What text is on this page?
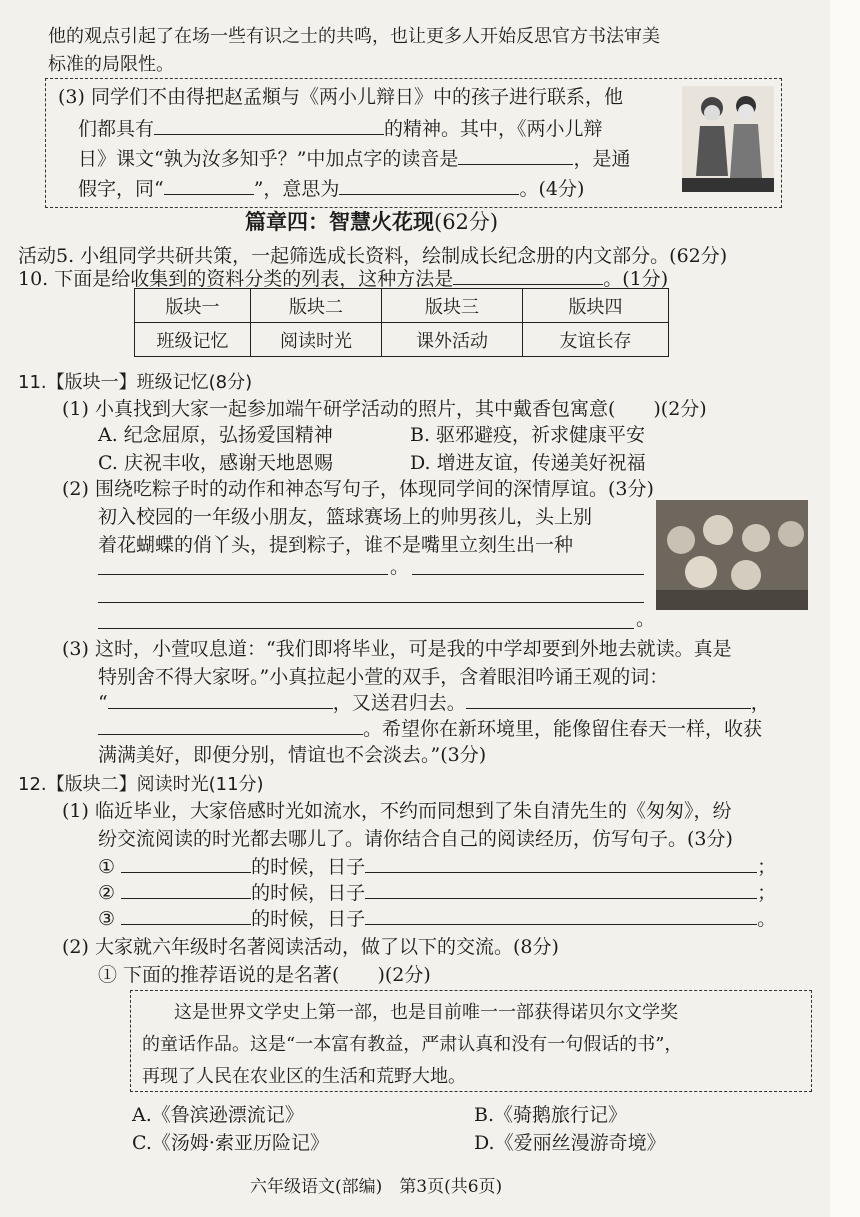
他的观点引起了在场一些有识之士的共鸣，也让更多人开始反思官方书法审美
标准的局限性。
(3) 同学们不由得把赵孟頫与《两小儿辩日》中的孩子进行联系，他
们都具有	的精神。其中，《两小儿辩
日》课文“孰为汝多知乎？”中加点字的读音是	，是通
假字，同“	”，意思为	。(4分)
篇章四：智慧火花现(62分)
活动5. 小组同学共研共策，一起筛选成长资料，绘制成长纪念册的内文部分。(62分)
10. 下面是给收集到的资料分类的列表，这种方法是	。(1分)
版块一	版块二	版块三	版块四
班级记忆	阅读时光	课外活动	友谊长存
11.【版块一】班级记忆(8分)
(1) 小真找到大家一起参加端午研学活动的照片，其中戴香包寓意(　　)(2分)
A. 纪念屈原，弘扬爱国精神	B. 驱邪避疫，祈求健康平安
C. 庆祝丰收，感谢天地恩赐	D. 增进友谊，传递美好祝福
(2) 围绕吃粽子时的动作和神态写句子，体现同学间的深情厚谊。(3分)
初入校园的一年级小朋友，篮球赛场上的帅男孩儿，头上别
着花蝴蝶的俏丫头，提到粽子，谁不是嘴里立刻生出一种
。
。
(3) 这时，小萱叹息道：“我们即将毕业，可是我的中学却要到外地去就读。真是
特别舍不得大家呀。”小真拉起小萱的双手，含着眼泪吟诵王观的词：
“	，又送君归去。	，
。希望你在新环境里，能像留住春天一样，收获
满满美好，即便分别，情谊也不会淡去。”(3分)
12.【版块二】阅读时光(11分)
(1) 临近毕业，大家倍感时光如流水，不约而同想到了朱自清先生的《匆匆》，纷
纷交流阅读的时光都去哪儿了。请你结合自己的阅读经历，仿写句子。(3分)
①	的时候，日子	；
②	的时候，日子	；
③	的时候，日子	。
(2) 大家就六年级时名著阅读活动，做了以下的交流。(8分)
① 下面的推荐语说的是名著(　　)(2分)
这是世界文学史上第一部，也是目前唯一一部获得诺贝尔文学奖
的童话作品。这是“一本富有教益，严肃认真和没有一句假话的书”，
再现了人民在农业区的生活和荒野大地。
A.《鲁滨逊漂流记》	B.《骑鹅旅行记》
C.《汤姆·索亚历险记》	D.《爱丽丝漫游奇境》
六年级语文(部编)　第3页(共6页)
